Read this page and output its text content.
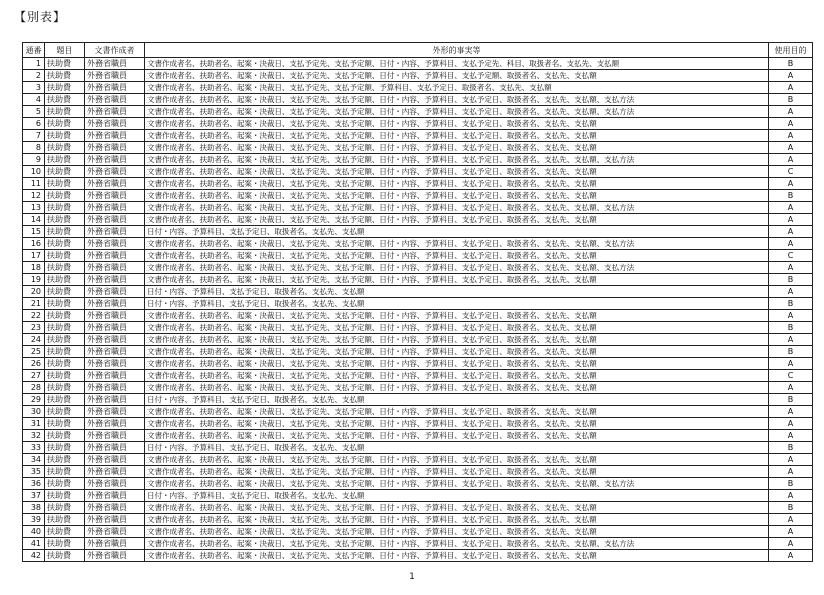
【別表】
通番	題目	文書作成者	外形的事実等	使用目的
1	扶助費	外務省職員	文書作成者名、扶助者名、起案・決裁日、支払予定先、支払予定額、日付・内容、予算科目、支払予定先、科目、取扱者名、支払先、支払額	B
2	扶助費	外務省職員	文書作成者名、扶助者名、起案・決裁日、支払予定先、支払予定額、日付・内容、予算科目、支払予定額、取扱者名、支払先、支払額	A
3	扶助費	外務省職員	文書作成者名、扶助者名、起案・決裁日、支払予定先、支払予定額、予算科目、支払予定日、取扱者名、支払先、支払額	A
4	扶助費	外務省職員	文書作成者名、扶助者名、起案・決裁日、支払予定先、支払予定額、日付・内容、予算科目、支払予定日、取扱者名、支払先、支払額、支払方法	B
5	扶助費	外務省職員	文書作成者名、扶助者名、起案・決裁日、支払予定先、支払予定額、日付・内容、予算科目、支払予定日、取扱者名、支払先、支払額、支払方法	A
6	扶助費	外務省職員	文書作成者名、扶助者名、起案・決裁日、支払予定先、支払予定額、日付・内容、予算科目、支払予定日、取扱者名、支払先、支払額	A
7	扶助費	外務省職員	文書作成者名、扶助者名、起案・決裁日、支払予定先、支払予定額、日付・内容、予算科目、支払予定日、取扱者名、支払先、支払額	A
8	扶助費	外務省職員	文書作成者名、扶助者名、起案・決裁日、支払予定先、支払予定額、日付・内容、予算科目、支払予定日、取扱者名、支払先、支払額	A
9	扶助費	外務省職員	文書作成者名、扶助者名、起案・決裁日、支払予定先、支払予定額、日付・内容、予算科目、支払予定日、取扱者名、支払先、支払額、支払方法	A
10	扶助費	外務省職員	文書作成者名、扶助者名、起案・決裁日、支払予定先、支払予定額、日付・内容、予算科目、支払予定日、取扱者名、支払先、支払額	C
11	扶助費	外務省職員	文書作成者名、扶助者名、起案・決裁日、支払予定先、支払予定額、日付・内容、予算科目、支払予定日、取扱者名、支払先、支払額	A
12	扶助費	外務省職員	文書作成者名、扶助者名、起案・決裁日、支払予定先、支払予定額、日付・内容、予算科目、支払予定日、取扱者名、支払先、支払額	B
13	扶助費	外務省職員	文書作成者名、扶助者名、起案・決裁日、支払予定先、支払予定額、日付・内容、予算科目、支払予定日、取扱者名、支払先、支払額、支払方法	A
14	扶助費	外務省職員	文書作成者名、扶助者名、起案・決裁日、支払予定先、支払予定額、日付・内容、予算科目、支払予定日、取扱者名、支払先、支払額	A
15	扶助費	外務省職員	日付・内容、予算科目、支払予定日、取扱者名、支払先、支払額	A
16	扶助費	外務省職員	文書作成者名、扶助者名、起案・決裁日、支払予定先、支払予定額、日付・内容、予算科目、支払予定日、取扱者名、支払先、支払額、支払方法	A
17	扶助費	外務省職員	文書作成者名、扶助者名、起案・決裁日、支払予定先、支払予定額、日付・内容、予算科目、支払予定日、取扱者名、支払先、支払額	C
18	扶助費	外務省職員	文書作成者名、扶助者名、起案・決裁日、支払予定先、支払予定額、日付・内容、予算科目、支払予定日、取扱者名、支払先、支払額、支払方法	A
19	扶助費	外務省職員	文書作成者名、扶助者名、起案・決裁日、支払予定先、支払予定額、日付・内容、予算科目、支払予定日、取扱者名、支払先、支払額	B
20	扶助費	外務省職員	日付・内容、予算科目、支払予定日、取扱者名、支払先、支払額	A
21	扶助費	外務省職員	日付・内容、予算科目、支払予定日、取扱者名、支払先、支払額	B
22	扶助費	外務省職員	文書作成者名、扶助者名、起案・決裁日、支払予定先、支払予定額、日付・内容、予算科目、支払予定日、取扱者名、支払先、支払額	A
23	扶助費	外務省職員	文書作成者名、扶助者名、起案・決裁日、支払予定先、支払予定額、日付・内容、予算科目、支払予定日、取扱者名、支払先、支払額	B
24	扶助費	外務省職員	文書作成者名、扶助者名、起案・決裁日、支払予定先、支払予定額、日付・内容、予算科目、支払予定日、取扱者名、支払先、支払額	A
25	扶助費	外務省職員	文書作成者名、扶助者名、起案・決裁日、支払予定先、支払予定額、日付・内容、予算科目、支払予定日、取扱者名、支払先、支払額	B
26	扶助費	外務省職員	文書作成者名、扶助者名、起案・決裁日、支払予定先、支払予定額、日付・内容、予算科目、支払予定日、取扱者名、支払先、支払額	A
27	扶助費	外務省職員	文書作成者名、扶助者名、起案・決裁日、支払予定先、支払予定額、日付・内容、予算科目、支払予定日、取扱者名、支払先、支払額	C
28	扶助費	外務省職員	文書作成者名、扶助者名、起案・決裁日、支払予定先、支払予定額、日付・内容、予算科目、支払予定日、取扱者名、支払先、支払額	A
29	扶助費	外務省職員	日付・内容、予算科目、支払予定日、取扱者名、支払先、支払額	B
30	扶助費	外務省職員	文書作成者名、扶助者名、起案・決裁日、支払予定先、支払予定額、日付・内容、予算科目、支払予定日、取扱者名、支払先、支払額	A
31	扶助費	外務省職員	文書作成者名、扶助者名、起案・決裁日、支払予定先、支払予定額、日付・内容、予算科目、支払予定日、取扱者名、支払先、支払額	A
32	扶助費	外務省職員	文書作成者名、扶助者名、起案・決裁日、支払予定先、支払予定額、日付・内容、予算科目、支払予定日、取扱者名、支払先、支払額	A
33	扶助費	外務省職員	日付・内容、予算科目、支払予定日、取扱者名、支払先、支払額	B
34	扶助費	外務省職員	文書作成者名、扶助者名、起案・決裁日、支払予定先、支払予定額、日付・内容、予算科目、支払予定日、取扱者名、支払先、支払額	A
35	扶助費	外務省職員	文書作成者名、扶助者名、起案・決裁日、支払予定先、支払予定額、日付・内容、予算科目、支払予定日、取扱者名、支払先、支払額	A
36	扶助費	外務省職員	文書作成者名、扶助者名、起案・決裁日、支払予定先、支払予定額、日付・内容、予算科目、支払予定日、取扱者名、支払先、支払額、支払方法	B
37	扶助費	外務省職員	日付・内容、予算科目、支払予定日、取扱者名、支払先、支払額	A
38	扶助費	外務省職員	文書作成者名、扶助者名、起案・決裁日、支払予定先、支払予定額、日付・内容、予算科目、支払予定日、取扱者名、支払先、支払額	B
39	扶助費	外務省職員	文書作成者名、扶助者名、起案・決裁日、支払予定先、支払予定額、日付・内容、予算科目、支払予定日、取扱者名、支払先、支払額	A
40	扶助費	外務省職員	文書作成者名、扶助者名、起案・決裁日、支払予定先、支払予定額、日付・内容、予算科目、支払予定日、取扱者名、支払先、支払額	A
41	扶助費	外務省職員	文書作成者名、扶助者名、起案・決裁日、支払予定先、支払予定額、日付・内容、予算科目、支払予定日、取扱者名、支払先、支払額、支払方法	A
42	扶助費	外務省職員	文書作成者名、扶助者名、起案・決裁日、支払予定先、支払予定額、日付・内容、予算科目、支払予定日、取扱者名、支払先、支払額	A
1
